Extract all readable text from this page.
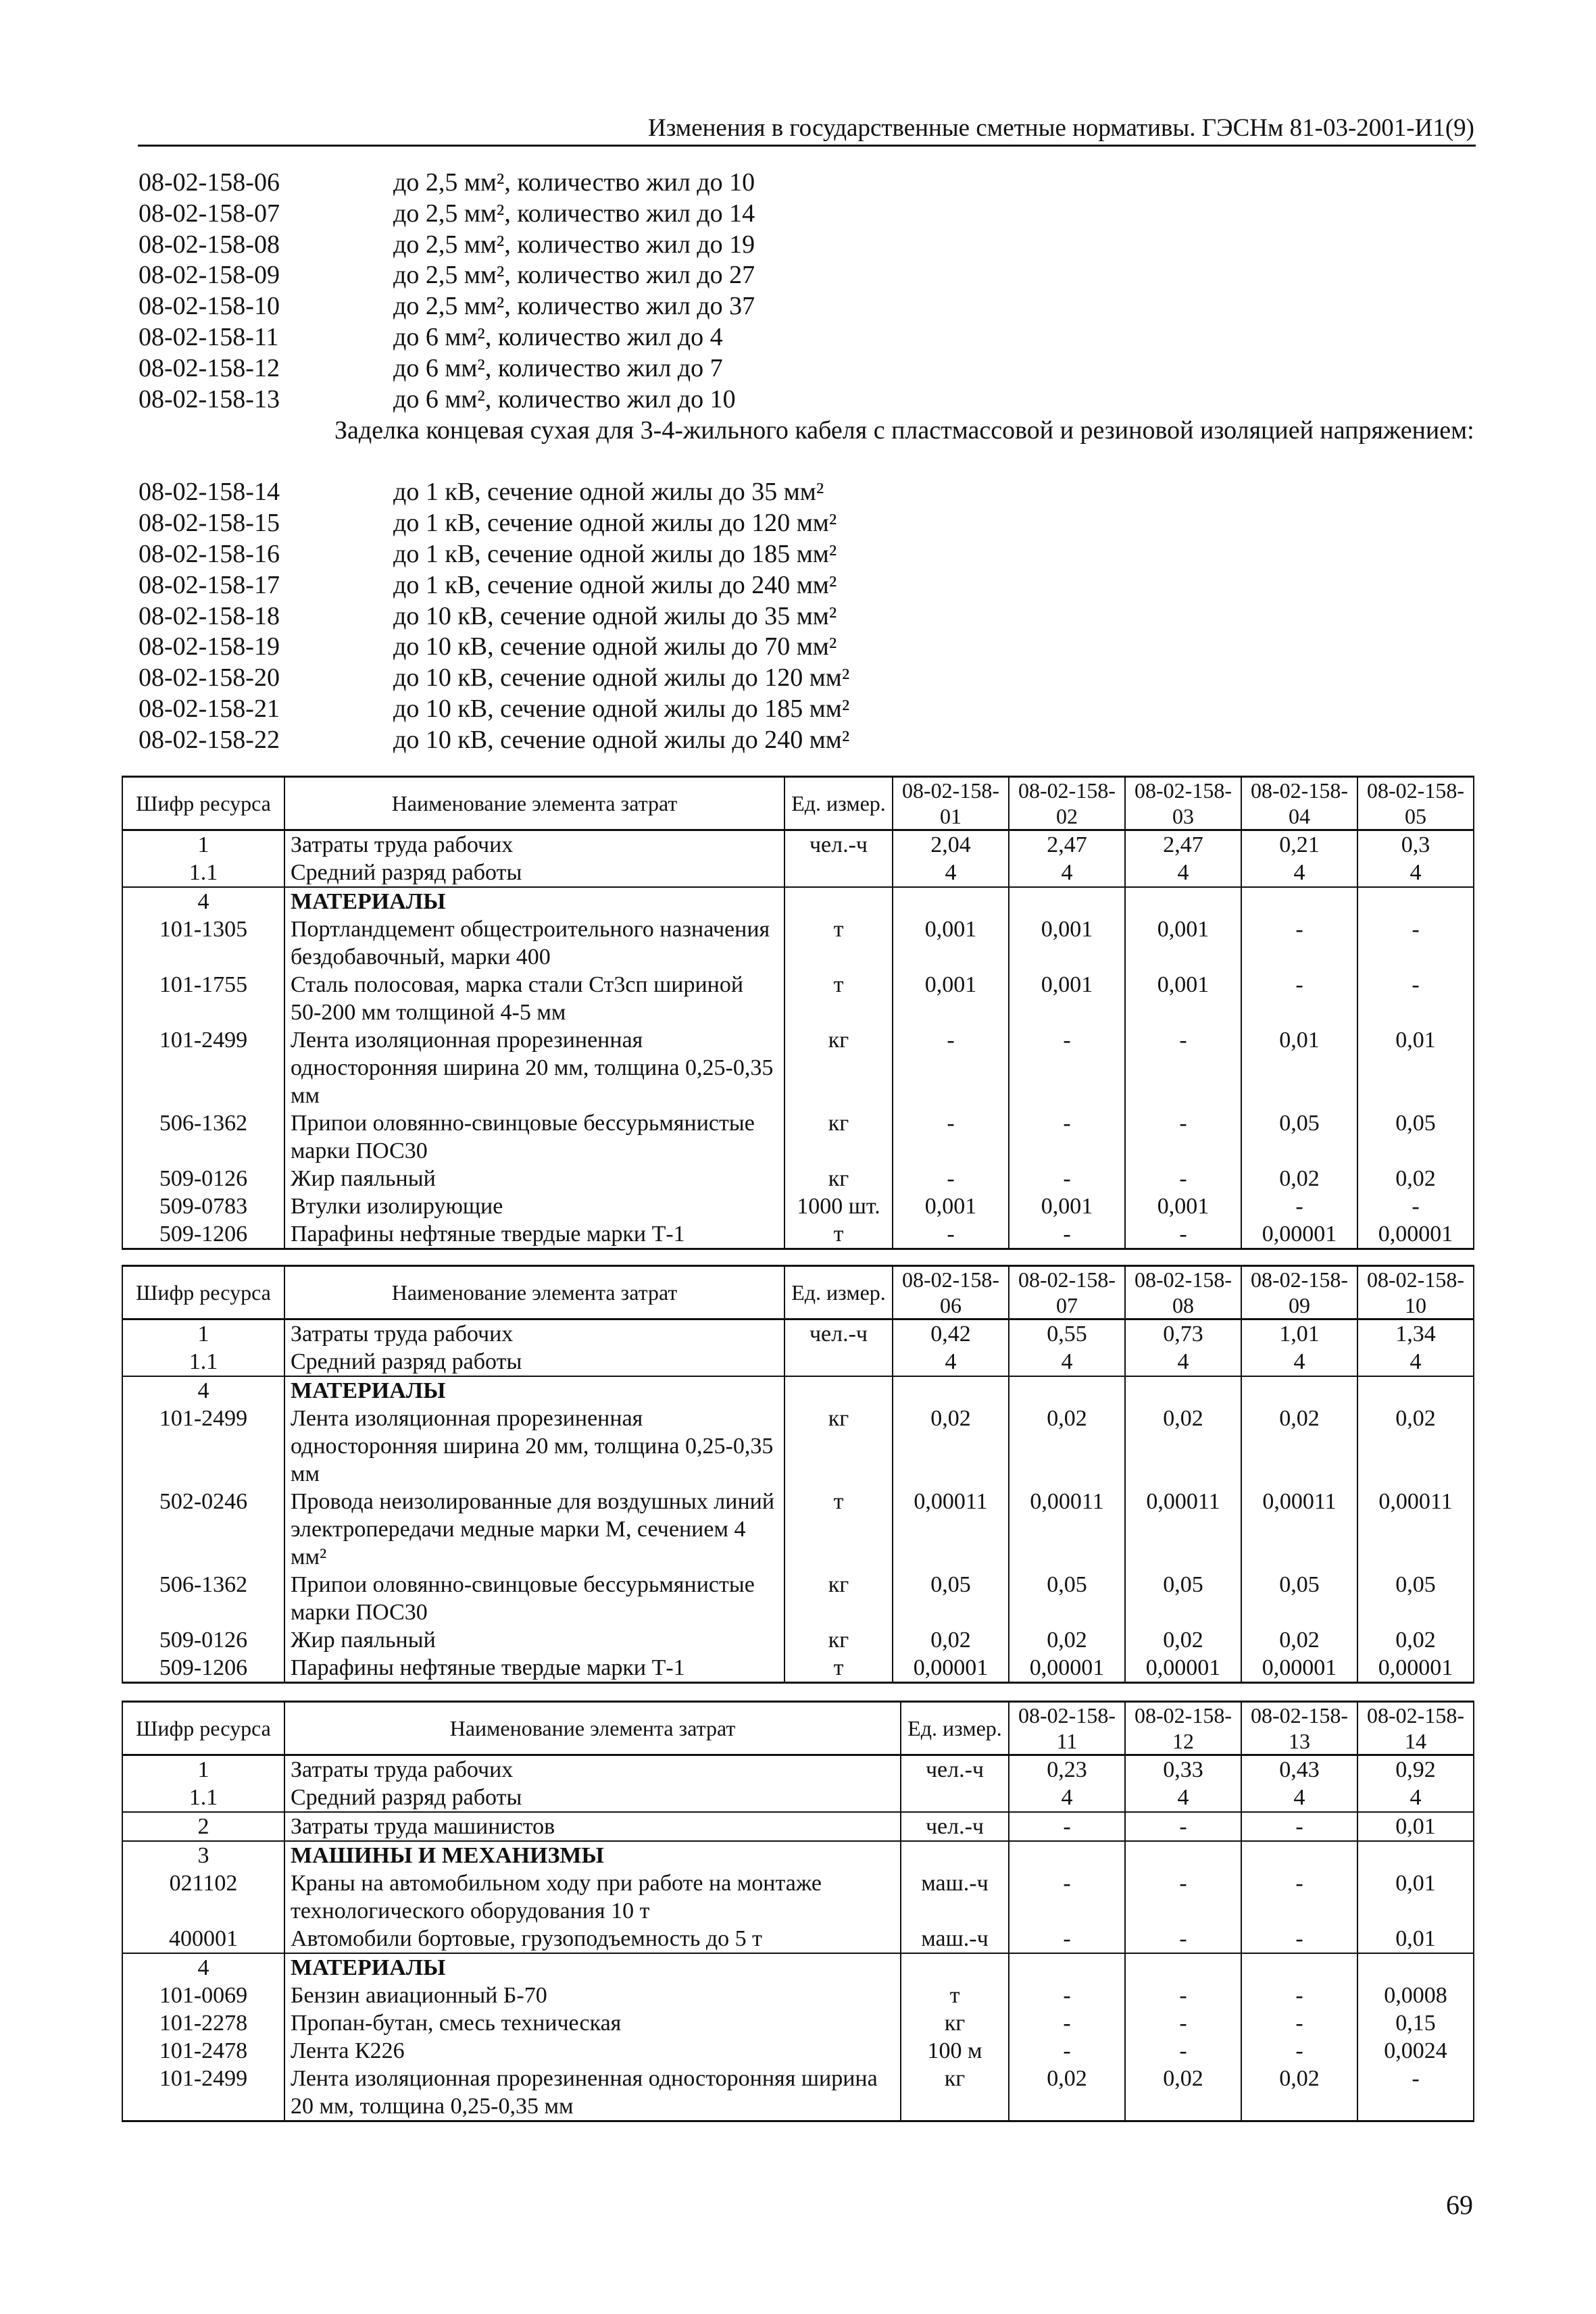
Изменения в государственные сметные нормативы. ГЭСНм 81-03-2001-И1(9)
08-02-158-06	до 2,5 мм², количество жил до 10
08-02-158-07	до 2,5 мм², количество жил до 14
08-02-158-08	до 2,5 мм², количество жил до 19
08-02-158-09	до 2,5 мм², количество жил до 27
08-02-158-10	до 2,5 мм², количество жил до 37
08-02-158-11	до 6 мм², количество жил до 4
08-02-158-12	до 6 мм², количество жил до 7
08-02-158-13	до 6 мм², количество жил до 10
Заделка концевая сухая для 3-4-жильного кабеля с пластмассовой и резиновой изоляцией напряжением:
08-02-158-14	до 1 кВ, сечение одной жилы до 35 мм²
08-02-158-15	до 1 кВ, сечение одной жилы до 120 мм²
08-02-158-16	до 1 кВ, сечение одной жилы до 185 мм²
08-02-158-17	до 1 кВ, сечение одной жилы до 240 мм²
08-02-158-18	до 10 кВ, сечение одной жилы до 35 мм²
08-02-158-19	до 10 кВ, сечение одной жилы до 70 мм²
08-02-158-20	до 10 кВ, сечение одной жилы до 120 мм²
08-02-158-21	до 10 кВ, сечение одной жилы до 185 мм²
08-02-158-22	до 10 кВ, сечение одной жилы до 240 мм²
Шифр ресурса	Наименование элемента затрат	Ед. измер.	08-02-158-01	08-02-158-02	08-02-158-03	08-02-158-04	08-02-158-05
1	Затраты труда рабочих	чел.-ч	2,04	2,47	2,47	0,21	0,3
1.1	Средний разряд работы		4	4	4	4	4
4	МАТЕРИАЛЫ						
101-1305	Портландцемент общестроительного назначения бездобавочный, марки 400	т	0,001	0,001	0,001	-	-
101-1755	Сталь полосовая, марка стали Ст3сп шириной 50-200 мм толщиной 4-5 мм	т	0,001	0,001	0,001	-	-
101-2499	Лента изоляционная прорезиненная односторонняя ширина 20 мм, толщина 0,25-0,35 мм	кг	-	-	-	0,01	0,01
506-1362	Припои оловянно-свинцовые бессурьмянистые марки ПОС30	кг	-	-	-	0,05	0,05
509-0126	Жир паяльный	кг	-	-	-	0,02	0,02
509-0783	Втулки изолирующие	1000 шт.	0,001	0,001	0,001	-	-
509-1206	Парафины нефтяные твердые марки Т-1	т	-	-	-	0,00001	0,00001
Шифр ресурса	Наименование элемента затрат	Ед. измер.	08-02-158-06	08-02-158-07	08-02-158-08	08-02-158-09	08-02-158-10
1	Затраты труда рабочих	чел.-ч	0,42	0,55	0,73	1,01	1,34
1.1	Средний разряд работы		4	4	4	4	4
4	МАТЕРИАЛЫ						
101-2499	Лента изоляционная прорезиненная односторонняя ширина 20 мм, толщина 0,25-0,35 мм	кг	0,02	0,02	0,02	0,02	0,02
502-0246	Провода неизолированные для воздушных линий электропередачи медные марки М, сечением 4 мм²	т	0,00011	0,00011	0,00011	0,00011	0,00011
506-1362	Припои оловянно-свинцовые бессурьмянистые марки ПОС30	кг	0,05	0,05	0,05	0,05	0,05
509-0126	Жир паяльный	кг	0,02	0,02	0,02	0,02	0,02
509-1206	Парафины нефтяные твердые марки Т-1	т	0,00001	0,00001	0,00001	0,00001	0,00001
Шифр ресурса	Наименование элемента затрат	Ед. измер.	08-02-158-11	08-02-158-12	08-02-158-13	08-02-158-14
1	Затраты труда рабочих	чел.-ч	0,23	0,33	0,43	0,92
1.1	Средний разряд работы		4	4	4	4
2	Затраты труда машинистов	чел.-ч	-	-	-	0,01
3	МАШИНЫ И МЕХАНИЗМЫ					
021102	Краны на автомобильном ходу при работе на монтаже технологического оборудования 10 т	маш.-ч	-	-	-	0,01
400001	Автомобили бортовые, грузоподъемность до 5 т	маш.-ч	-	-	-	0,01
4	МАТЕРИАЛЫ					
101-0069	Бензин авиационный Б-70	т	-	-	-	0,0008
101-2278	Пропан-бутан, смесь техническая	кг	-	-	-	0,15
101-2478	Лента К226	100 м	-	-	-	0,0024
101-2499	Лента изоляционная прорезиненная односторонняя ширина 20 мм, толщина 0,25-0,35 мм	кг	0,02	0,02	0,02	-
69
